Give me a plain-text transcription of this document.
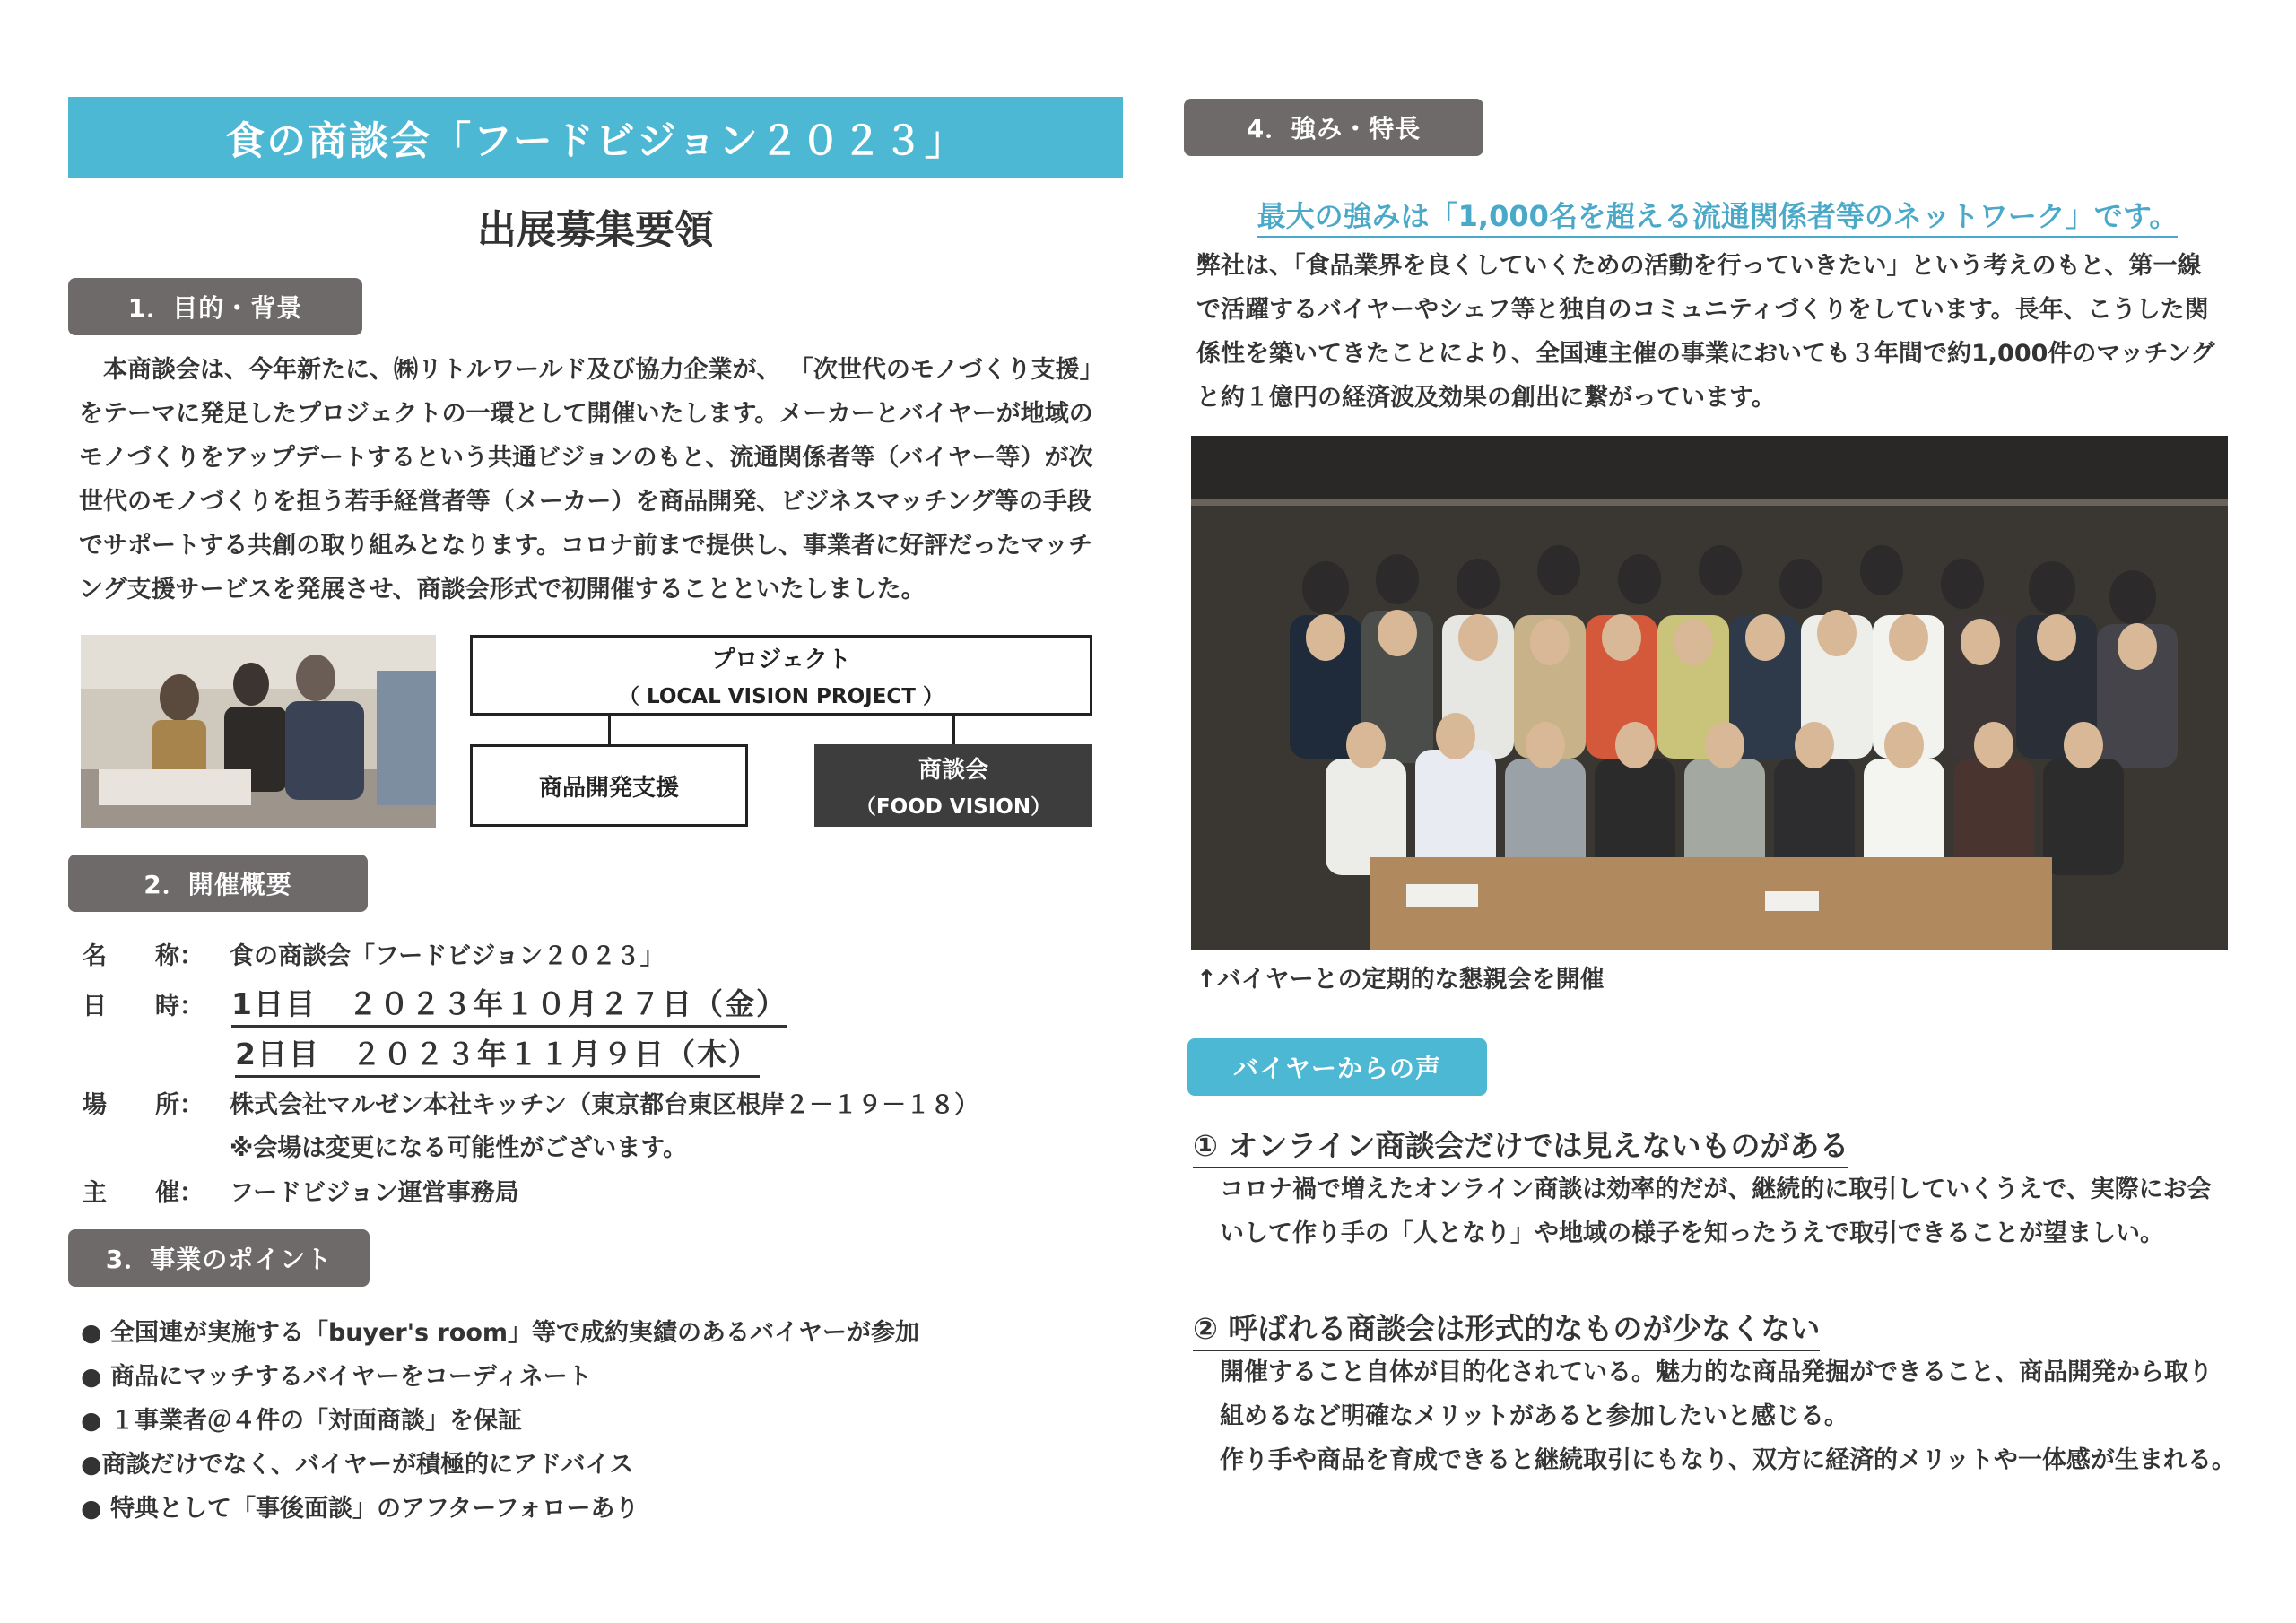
食の商談会「フードビジョン２０２３」
出展募集要領
1．目的・背景

　本商談会は、今年新たに、㈱リトルワールド及び協力企業が、 「次世代のモノづくり支援」

をテーマに発足したプロジェクトの一環として開催いたします。メーカーとバイヤーが地域の

モノづくりをアップデートするという共通ビジョンのもと、流通関係者等（バイヤー等）が次

世代のモノづくりを担う若手経営者等（メーカー）を商品開発、ビジネスマッチング等の手段

でサポートする共創の取り組みとなります。コロナ前まで提供し、事業者に好評だったマッチ

ング支援サービスを発展させ、商談会形式で初開催することといたしました。

プロジェクト
（ LOCAL VISION PROJECT ）
商品開発支援
商談会
（FOOD VISION）
2．開催概要
名　　称： 食の商談会「フードビジョン２０２３」
日　　時： 1日目　２０２３年１０月２７日（金）
2日目　２０２３年１１月９日（木）
場　　所： 株式会社マルゼン本社キッチン（東京都台東区根岸２－１９－１８）
※会場は変更になる可能性がございます。
主　　催： フードビジョン運営事務局
3．事業のポイント
● 全国連が実施する「buyer's room」等で成約実績のあるバイヤーが参加
● 商品にマッチするバイヤーをコーディネート
● １事業者＠４件の「対面商談」を保証
●商談だけでなく、バイヤーが積極的にアドバイス
● 特典として「事後面談」のアフターフォローあり
4．強み・特長
最大の強みは「1,000名を超える流通関係者等のネットワーク」です。

弊社は、「食品業界を良くしていくための活動を行っていきたい」という考えのもと、第一線

で活躍するバイヤーやシェフ等と独自のコミュニティづくりをしています。長年、こうした関

係性を築いてきたことにより、全国連主催の事業においても３年間で約1,000件のマッチング

と約１億円の経済波及効果の創出に繋がっています。

↑バイヤーとの定期的な懇親会を開催
バイヤーからの声
① オンライン商談会だけでは見えないものがある

コロナ禍で増えたオンライン商談は効率的だが、継続的に取引していくうえで、実際にお会

いして作り手の「人となり」や地域の様子を知ったうえで取引できることが望ましい。

② 呼ばれる商談会は形式的なものが少なくない

開催すること自体が目的化されている。魅力的な商品発掘ができること、商品開発から取り

組めるなど明確なメリットがあると参加したいと感じる。

作り手や商品を育成できると継続取引にもなり、双方に経済的メリットや一体感が生まれる。
